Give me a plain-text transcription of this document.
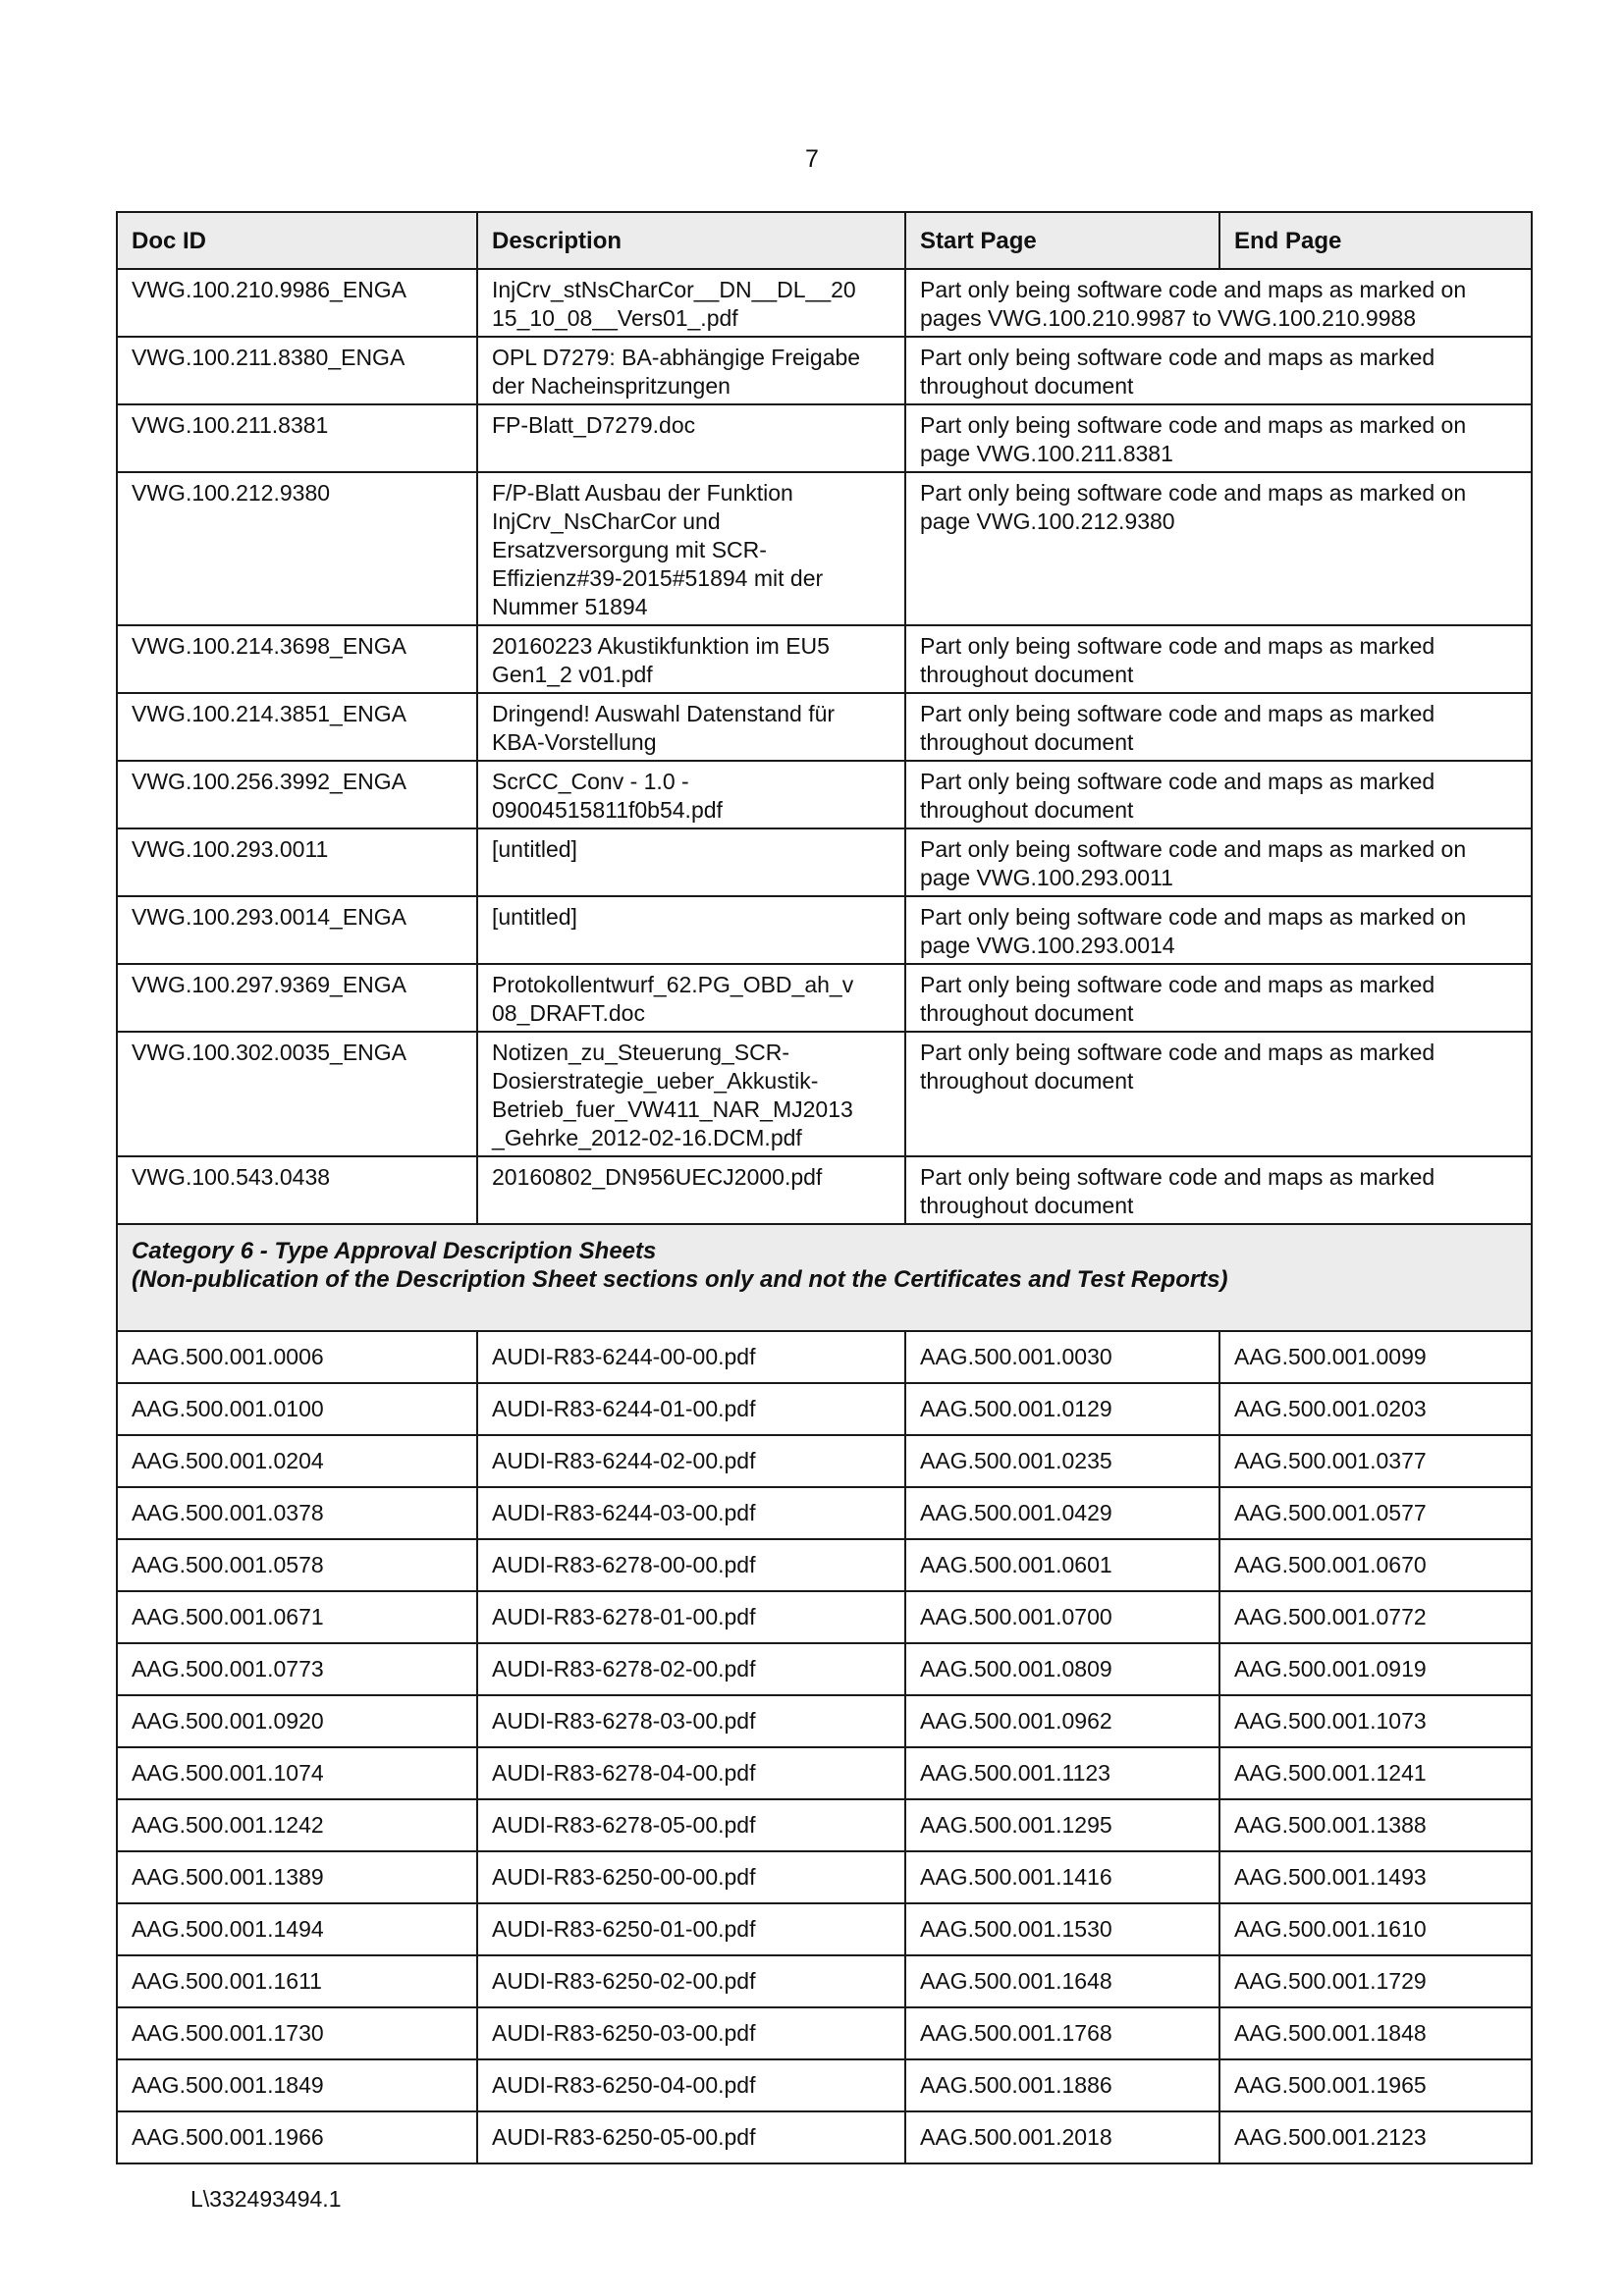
7
Doc ID	Description	Start Page	End Page
VWG.100.210.9986_ENGA	InjCrv_stNsCharCor__DN__DL__20 15_10_08__Vers01_.pdf	Part only being software code and maps as marked on pages VWG.100.210.9987 to VWG.100.210.9988	
VWG.100.211.8380_ENGA	OPL D7279: BA-abhängige Freigabe der Nacheinspritzungen	Part only being software code and maps as marked throughout document	
VWG.100.211.8381	FP-Blatt_D7279.doc	Part only being software code and maps as marked on page VWG.100.211.8381	
VWG.100.212.9380	F/P-Blatt Ausbau der Funktion InjCrv_NsCharCor und Ersatzversorgung mit SCR-Effizienz#39-2015#51894 mit der Nummer 51894	Part only being software code and maps as marked on page VWG.100.212.9380	
VWG.100.214.3698_ENGA	20160223 Akustikfunktion im EU5 Gen1_2 v01.pdf	Part only being software code and maps as marked throughout document	
VWG.100.214.3851_ENGA	Dringend! Auswahl Datenstand für KBA-Vorstellung	Part only being software code and maps as marked throughout document	
VWG.100.256.3992_ENGA	ScrCC_Conv - 1.0 - 09004515811f0b54.pdf	Part only being software code and maps as marked throughout document	
VWG.100.293.0011	[untitled]	Part only being software code and maps as marked on page VWG.100.293.0011	
VWG.100.293.0014_ENGA	[untitled]	Part only being software code and maps as marked on page VWG.100.293.0014	
VWG.100.297.9369_ENGA	Protokollentwurf_62.PG_OBD_ah_v 08_DRAFT.doc	Part only being software code and maps as marked throughout document	
VWG.100.302.0035_ENGA	Notizen_zu_Steuerung_SCR-Dosierstrategie_ueber_Akkustik-Betrieb_fuer_VW411_NAR_MJ2013 _Gehrke_2012-02-16.DCM.pdf	Part only being software code and maps as marked throughout document	
VWG.100.543.0438	20160802_DN956UECJ2000.pdf	Part only being software code and maps as marked throughout document	

Category 6 - Type Approval Description Sheets
(Non-publication of the Description Sheet sections only and not the Certificates and Test Reports)			

AAG.500.001.0006	AUDI-R83-6244-00-00.pdf	AAG.500.001.0030	AAG.500.001.0099
AAG.500.001.0100	AUDI-R83-6244-01-00.pdf	AAG.500.001.0129	AAG.500.001.0203
AAG.500.001.0204	AUDI-R83-6244-02-00.pdf	AAG.500.001.0235	AAG.500.001.0377
AAG.500.001.0378	AUDI-R83-6244-03-00.pdf	AAG.500.001.0429	AAG.500.001.0577
AAG.500.001.0578	AUDI-R83-6278-00-00.pdf	AAG.500.001.0601	AAG.500.001.0670
AAG.500.001.0671	AUDI-R83-6278-01-00.pdf	AAG.500.001.0700	AAG.500.001.0772
AAG.500.001.0773	AUDI-R83-6278-02-00.pdf	AAG.500.001.0809	AAG.500.001.0919
AAG.500.001.0920	AUDI-R83-6278-03-00.pdf	AAG.500.001.0962	AAG.500.001.1073
AAG.500.001.1074	AUDI-R83-6278-04-00.pdf	AAG.500.001.1123	AAG.500.001.1241
AAG.500.001.1242	AUDI-R83-6278-05-00.pdf	AAG.500.001.1295	AAG.500.001.1388
AAG.500.001.1389	AUDI-R83-6250-00-00.pdf	AAG.500.001.1416	AAG.500.001.1493
AAG.500.001.1494	AUDI-R83-6250-01-00.pdf	AAG.500.001.1530	AAG.500.001.1610
AAG.500.001.1611	AUDI-R83-6250-02-00.pdf	AAG.500.001.1648	AAG.500.001.1729
AAG.500.001.1730	AUDI-R83-6250-03-00.pdf	AAG.500.001.1768	AAG.500.001.1848
AAG.500.001.1849	AUDI-R83-6250-04-00.pdf	AAG.500.001.1886	AAG.500.001.1965
AAG.500.001.1966	AUDI-R83-6250-05-00.pdf	AAG.500.001.2018	AAG.500.001.2123
L\332493494.1
